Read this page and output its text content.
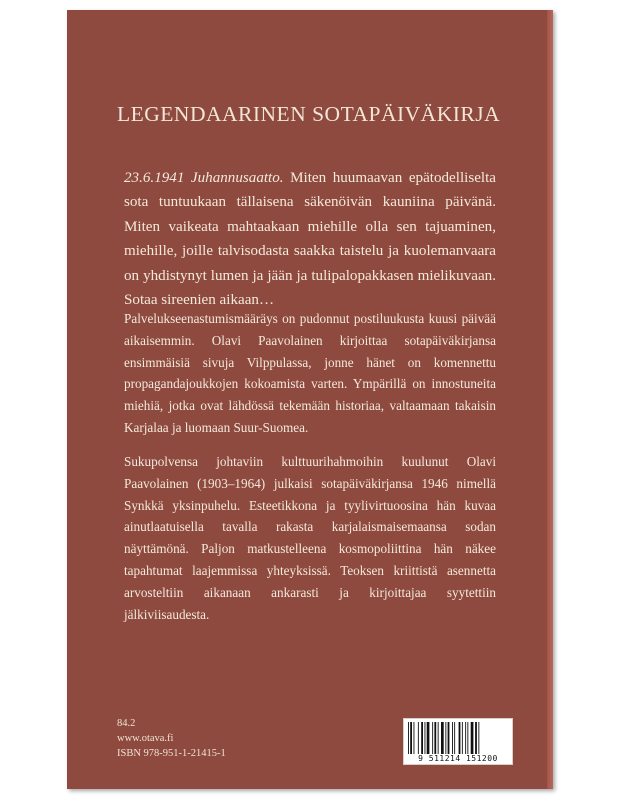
LEGENDAARINEN SOTAPÄIVÄKIRJA

23.6.1941 Juhannusaatto. Miten huumaavan epätodelliselta sota tuntuukaan tällaisena säkenöivän kauniina päivänä. Miten vaikeata mahtaakaan miehille olla sen tajuaminen, miehille, joille talvisodasta saakka taistelu ja kuolemanvaara on yhdistynyt lumen ja jään ja tulipalopakkasen mielikuvaan. Sotaa sireenien aikaan…

Palvelukseenastumismääräys on pudonnut postiluukusta kuusi päivää aikaisemmin. Olavi Paavolainen kirjoittaa sotapäiväkirjansa ensimmäisiä sivuja Vilppulassa, jonne hänet on komennettu propagandajoukkojen kokoamista varten. Ympärillä on innostuneita miehiä, jotka ovat lähdössä tekemään historiaa, valtaamaan takaisin Karjalaa ja luomaan Suur-Suomea.

Sukupolvensa johtaviin kulttuurihahmoihin kuulunut Olavi Paavolainen (1903–1964) julkaisi sotapäiväkirjansa 1946 nimellä Synkkä yksinpuhelu. Esteetikkona ja tyylivirtuoosina hän kuvaa ainutlaatuisella tavalla rakasta karjalaismaisemaansa sodan näyttämönä. Paljon matkustelleena kosmopoliittina hän näkee tapahtumat laajemmissa yhteyksissä. Teoksen kriittistä asennetta arvosteltiin aikanaan ankarasti ja kirjoittajaa syytettiin jälkiviisaudesta.

84.2
www.otava.fi
ISBN 978-951-1-21415-1	9 511214 151200
